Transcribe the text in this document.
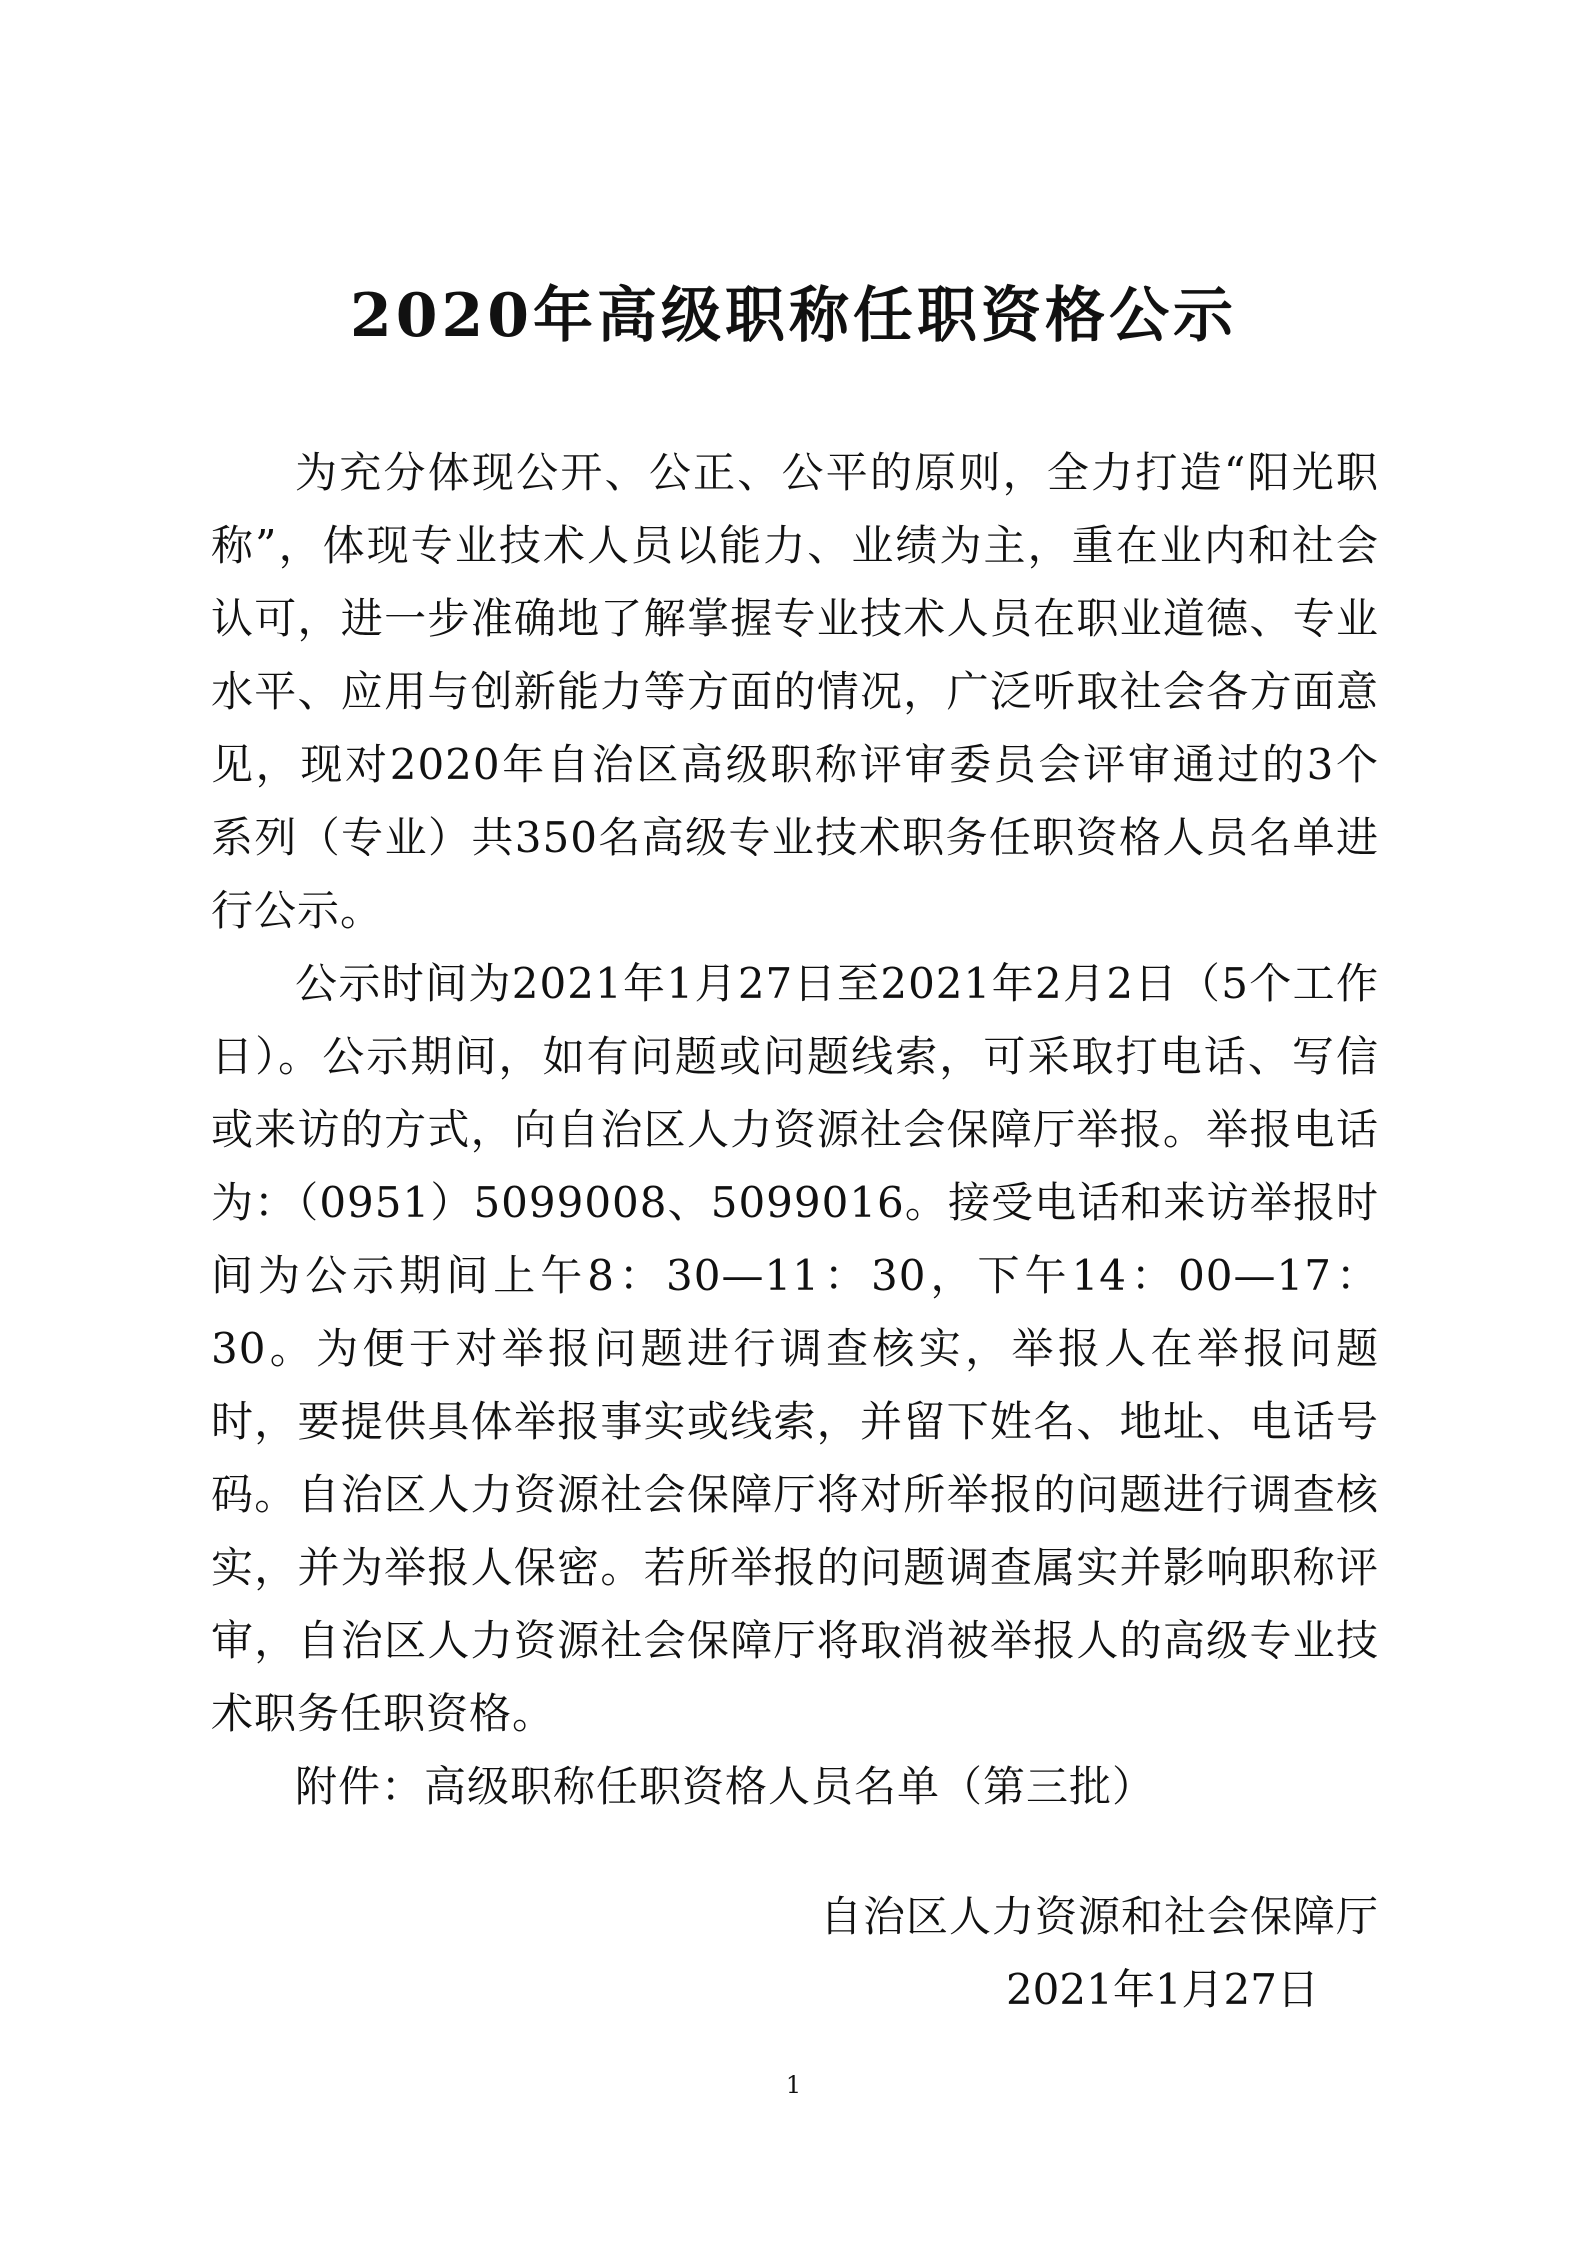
2020年高级职称任职资格公示

为充分体现公开、公正、公平的原则，全力打造“阳光职称”，体现专业技术人员以能力、业绩为主，重在业内和社会认可，进一步准确地了解掌握专业技术人员在职业道德、专业水平、应用与创新能力等方面的情况，广泛听取社会各方面意见，现对2020年自治区高级职称评审委员会评审通过的3个系列（专业）共350名高级专业技术职务任职资格人员名单进行公示。

公示时间为2021年1月27日至2021年2月2日（5个工作日）。公示期间，如有问题或问题线索，可采取打电话、写信或来访的方式，向自治区人力资源社会保障厅举报。举报电话为：（0951）5099008、5099016。接受电话和来访举报时间为公示期间上午8：30—11：30，下午14：00—17：30。为便于对举报问题进行调查核实，举报人在举报问题时，要提供具体举报事实或线索，并留下姓名、地址、电话号码。自治区人力资源社会保障厅将对所举报的问题进行调查核实，并为举报人保密。若所举报的问题调查属实并影响职称评审，自治区人力资源社会保障厅将取消被举报人的高级专业技术职务任职资格。

附件：高级职称任职资格人员名单（第三批）

自治区人力资源和社会保障厅

2021年1月27日

1
